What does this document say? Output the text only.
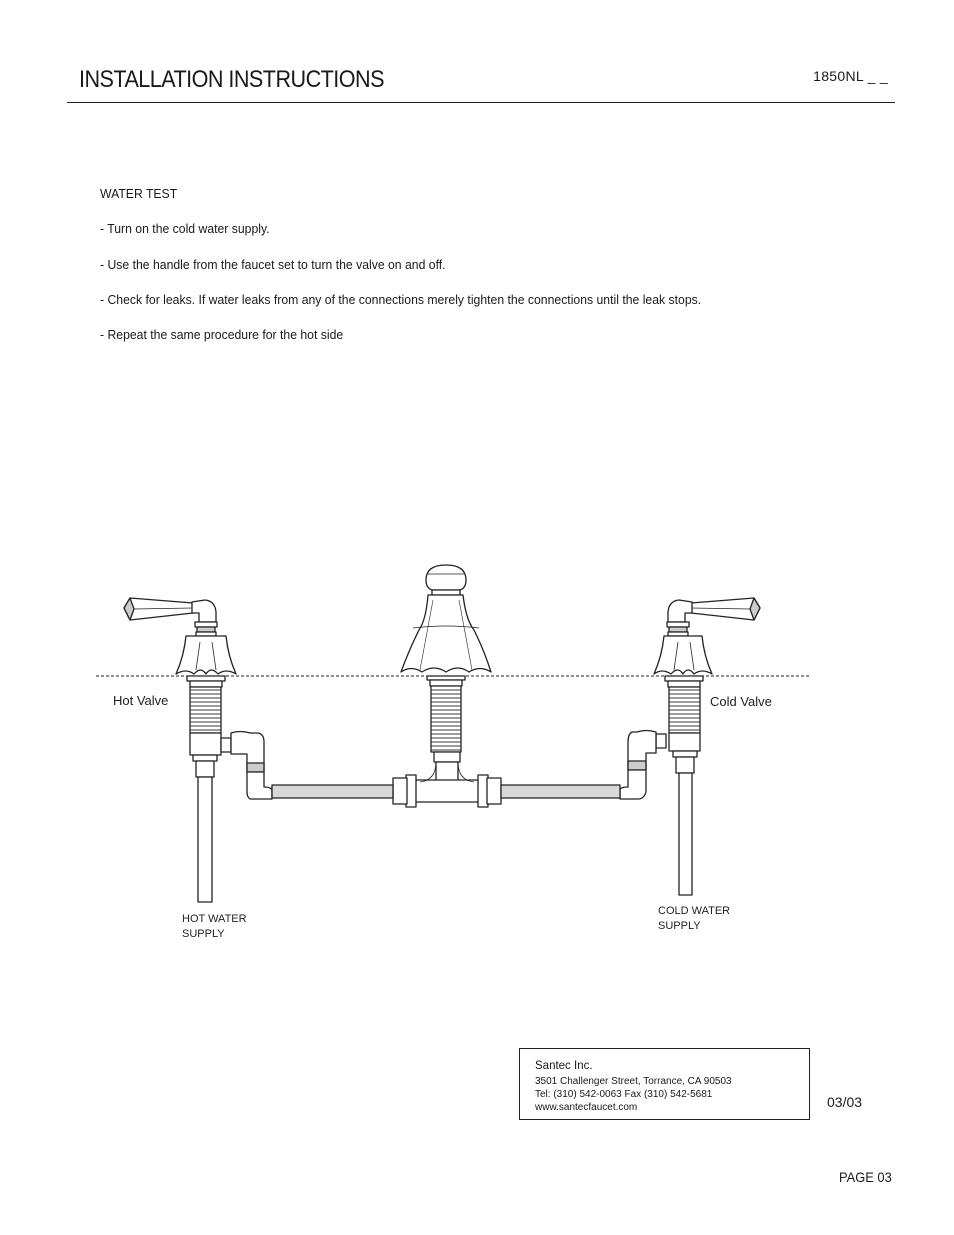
INSTALLATION INSTRUCTIONS	1850NL _ _
WATER TEST
- Turn on the cold water supply.
- Use the handle from the faucet set to turn the valve on and off.
- Check for leaks. If water leaks from any of the connections merely tighten the connections until the leak stops.
- Repeat the same procedure for the hot side
Hot Valve	Cold Valve
HOT WATER
SUPPLY
COLD WATER
SUPPLY
Santec Inc.
3501 Challenger Street, Torrance, CA 90503
Tel: (310) 542-0063 Fax (310) 542-5681
www.santecfaucet.com	03/03
PAGE 03
